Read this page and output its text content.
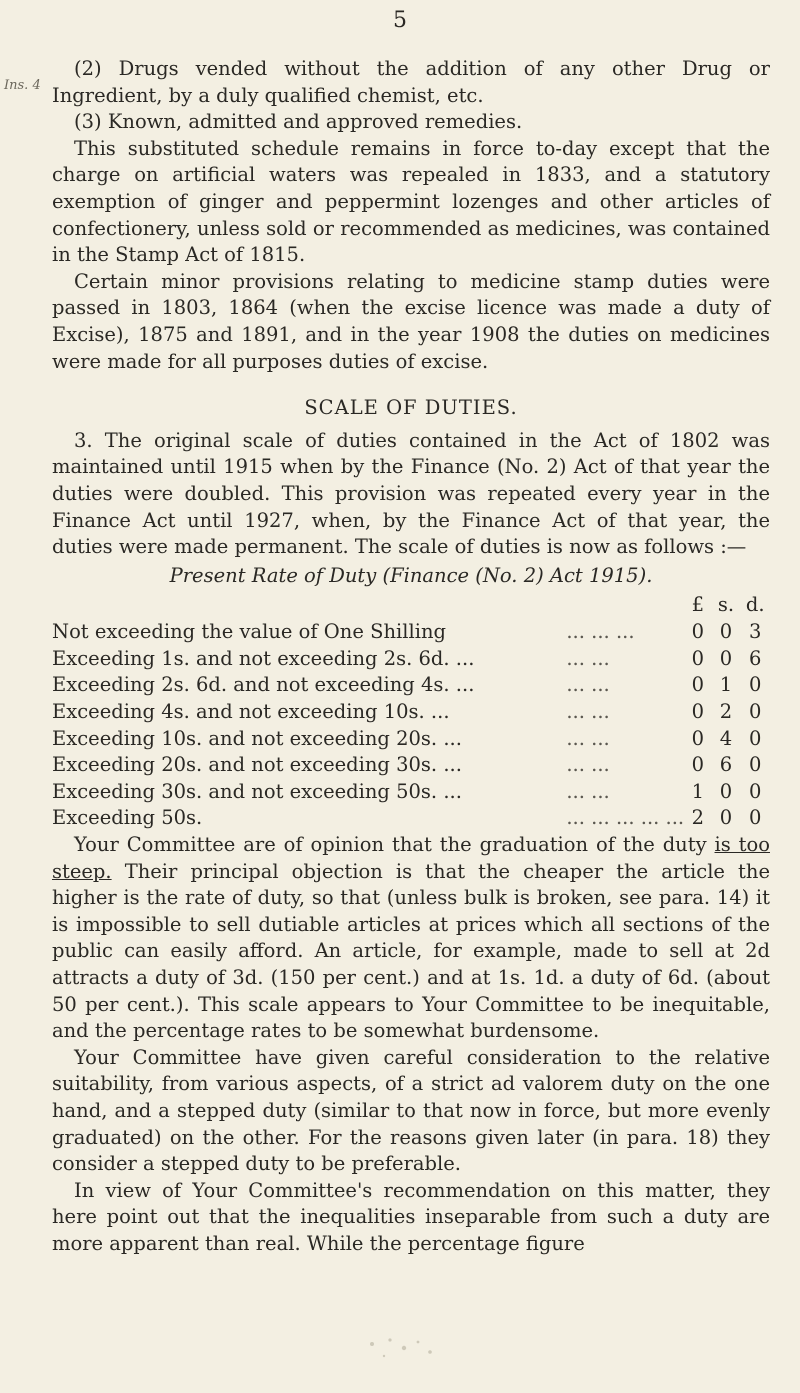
5
Ins. 4

(2) Drugs vended without the addition of any other Drug or Ingredient, by a duly qualified chemist, etc.

(3) Known, admitted and approved remedies.

This substituted schedule remains in force to-day except that the charge on artificial waters was repealed in 1833, and a statutory exemption of ginger and peppermint lozenges and other articles of confectionery, unless sold or recommended as medicines, was contained in the Stamp Act of 1815.

Certain minor provisions relating to medicine stamp duties were passed in 1803, 1864 (when the excise licence was made a duty of Excise), 1875 and 1891, and in the year 1908 the duties on medicines were made for all purposes duties of excise.

SCALE OF DUTIES.

3. The original scale of duties contained in the Act of 1802 was maintained until 1915 when by the Finance (No. 2) Act of that year the duties were doubled. This provision was repeated every year in the Finance Act until 1927, when, by the Finance Act of that year, the duties were made permanent. The scale of duties is now as follows :—

Present Rate of Duty (Finance (No. 2) Act 1915).

		£	s.	d.
Not exceeding the value of One Shilling	... ... ...	0	0	3
Exceeding 1s. and not exceeding 2s. 6d. ...	... ...	0	0	6
Exceeding 2s. 6d. and not exceeding 4s. ...	... ...	0	1	0
Exceeding 4s. and not exceeding 10s. ...	... ...	0	2	0
Exceeding 10s. and not exceeding 20s. ...	... ...	0	4	0
Exceeding 20s. and not exceeding 30s. ...	... ...	0	6	0
Exceeding 30s. and not exceeding 50s. ...	... ...	1	0	0
Exceeding 50s.	... ... ... ... ...	2	0	0

Your Committee are of opinion that the graduation of the duty is too steep. Their principal objection is that the cheaper the article the higher is the rate of duty, so that (unless bulk is broken, see para. 14) it is impossible to sell dutiable articles at prices which all sections of the public can easily afford. An article, for example, made to sell at 2d attracts a duty of 3d. (150 per cent.) and at 1s. 1d. a duty of 6d. (about 50 per cent.). This scale appears to Your Committee to be inequitable, and the percentage rates to be somewhat burdensome.

Your Committee have given careful consideration to the relative suitability, from various aspects, of a strict ad valorem duty on the one hand, and a stepped duty (similar to that now in force, but more evenly graduated) on the other. For the reasons given later (in para. 18) they consider a stepped duty to be preferable.

In view of Your Committee's recommendation on this matter, they here point out that the inequalities inseparable from such a duty are more apparent than real. While the percentage figure
